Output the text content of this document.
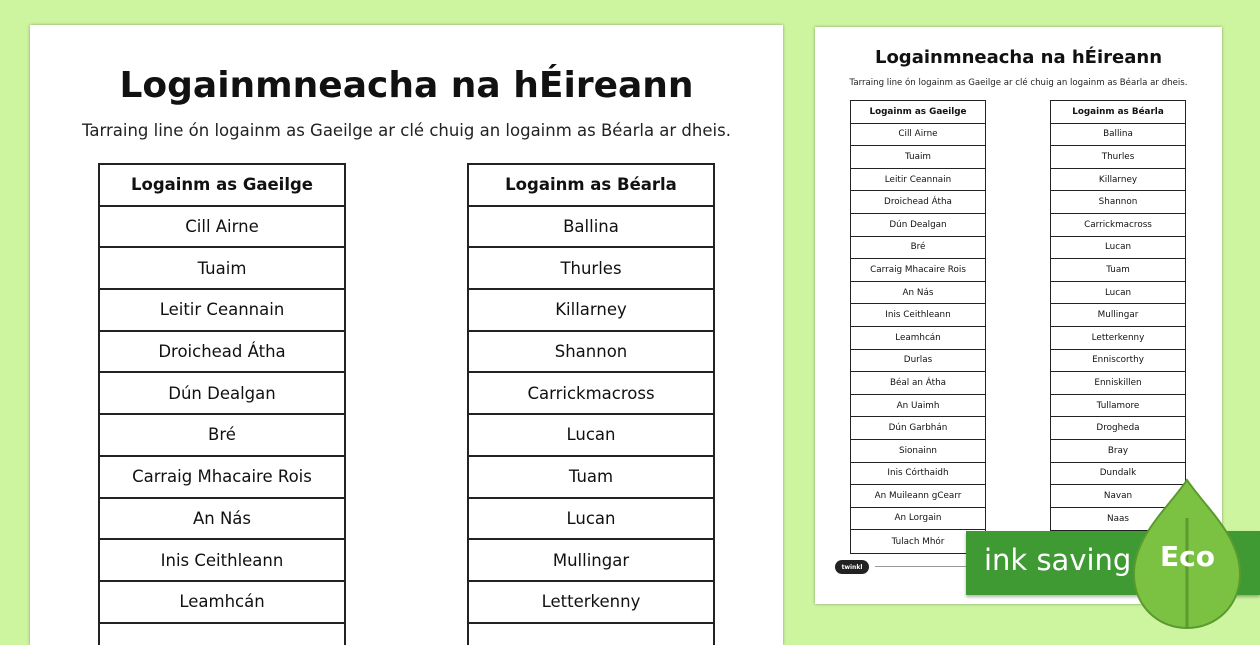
Logainmneacha na hÉireann

Tarraing line ón logainm as Gaeilge ar clé chuig an logainm as Béarla ar dheis.

Logainm as Gaeilge
Cill Airne
Tuaim
Leitir Ceannain
Droichead Átha
Dún Dealgan
Bré
Carraig Mhacaire Rois
An Nás
Inis Ceithleann
Leamhcán
Logainm as Béarla
Ballina
Thurles
Killarney
Shannon
Carrickmacross
Lucan
Tuam
Lucan
Mullingar
Letterkenny
Logainmneacha na hÉireann

Tarraing line ón logainm as Gaeilge ar clé chuig an logainm as Béarla ar dheis.

Logainm as Gaeilge
Cill Airne
Tuaim
Leitir Ceannain
Droichead Átha
Dún Dealgan
Bré
Carraig Mhacaire Rois
An Nás
Inis Ceithleann
Leamhcán
Durlas
Béal an Átha
An Uaimh
Dún Garbhán
Sionainn
Inis Córthaidh
An Muileann gCearr
An Lorgain
Tulach Mhór
Logainm as Béarla
Ballina
Thurles
Killarney
Shannon
Carrickmacross
Lucan
Tuam
Lucan
Mullingar
Letterkenny
Enniscorthy
Enniskillen
Tullamore
Drogheda
Bray
Dundalk
Navan
Naas
twinkl	ink saving Eco
